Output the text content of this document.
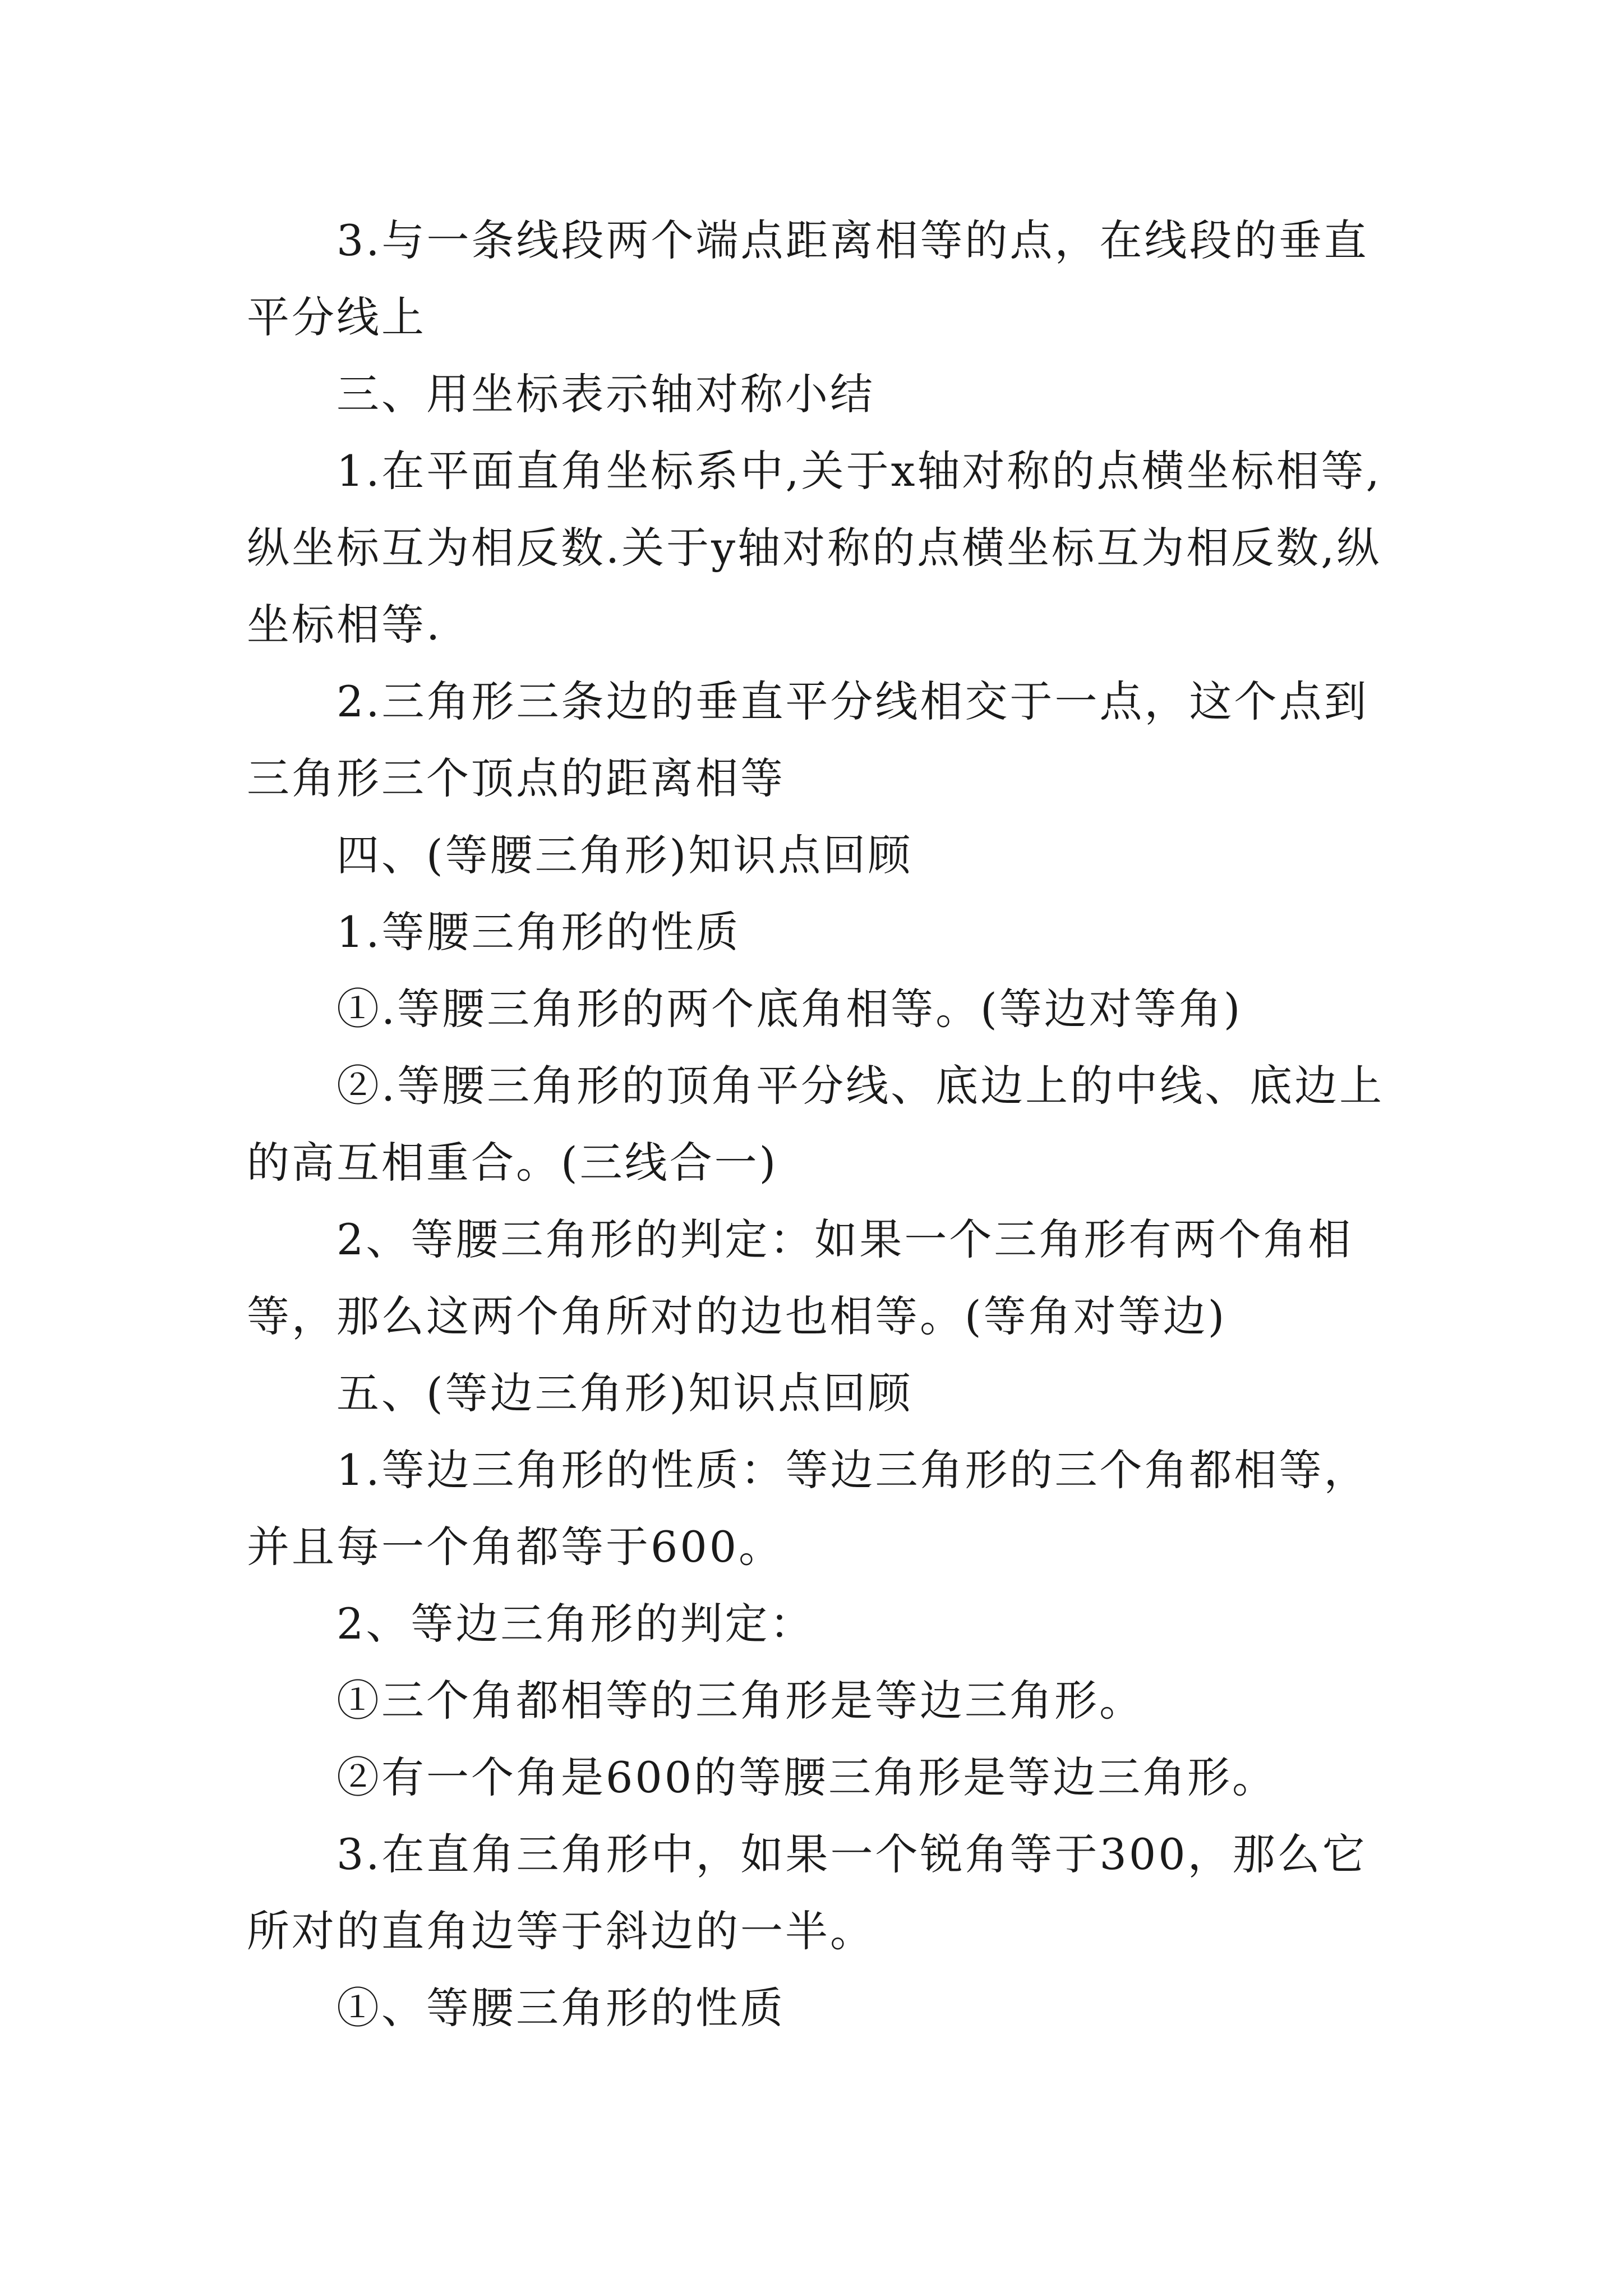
3.与一条线段两个端点距离相等的点，在线段的垂直平分线上

三、用坐标表示轴对称小结

1.在平面直角坐标系中,关于x轴对称的点横坐标相等,纵坐标互为相反数.关于y轴对称的点横坐标互为相反数,纵坐标相等.

2.三角形三条边的垂直平分线相交于一点，这个点到三角形三个顶点的距离相等

四、(等腰三角形)知识点回顾

1.等腰三角形的性质

①.等腰三角形的两个底角相等。(等边对等角)

②.等腰三角形的顶角平分线、底边上的中线、底边上的高互相重合。(三线合一)

2、等腰三角形的判定：如果一个三角形有两个角相等，那么这两个角所对的边也相等。(等角对等边)

五、(等边三角形)知识点回顾

1.等边三角形的性质：等边三角形的三个角都相等，并且每一个角都等于600。

2、等边三角形的判定：

①三个角都相等的三角形是等边三角形。

②有一个角是600的等腰三角形是等边三角形。

3.在直角三角形中，如果一个锐角等于300，那么它所对的直角边等于斜边的一半。

①、等腰三角形的性质
